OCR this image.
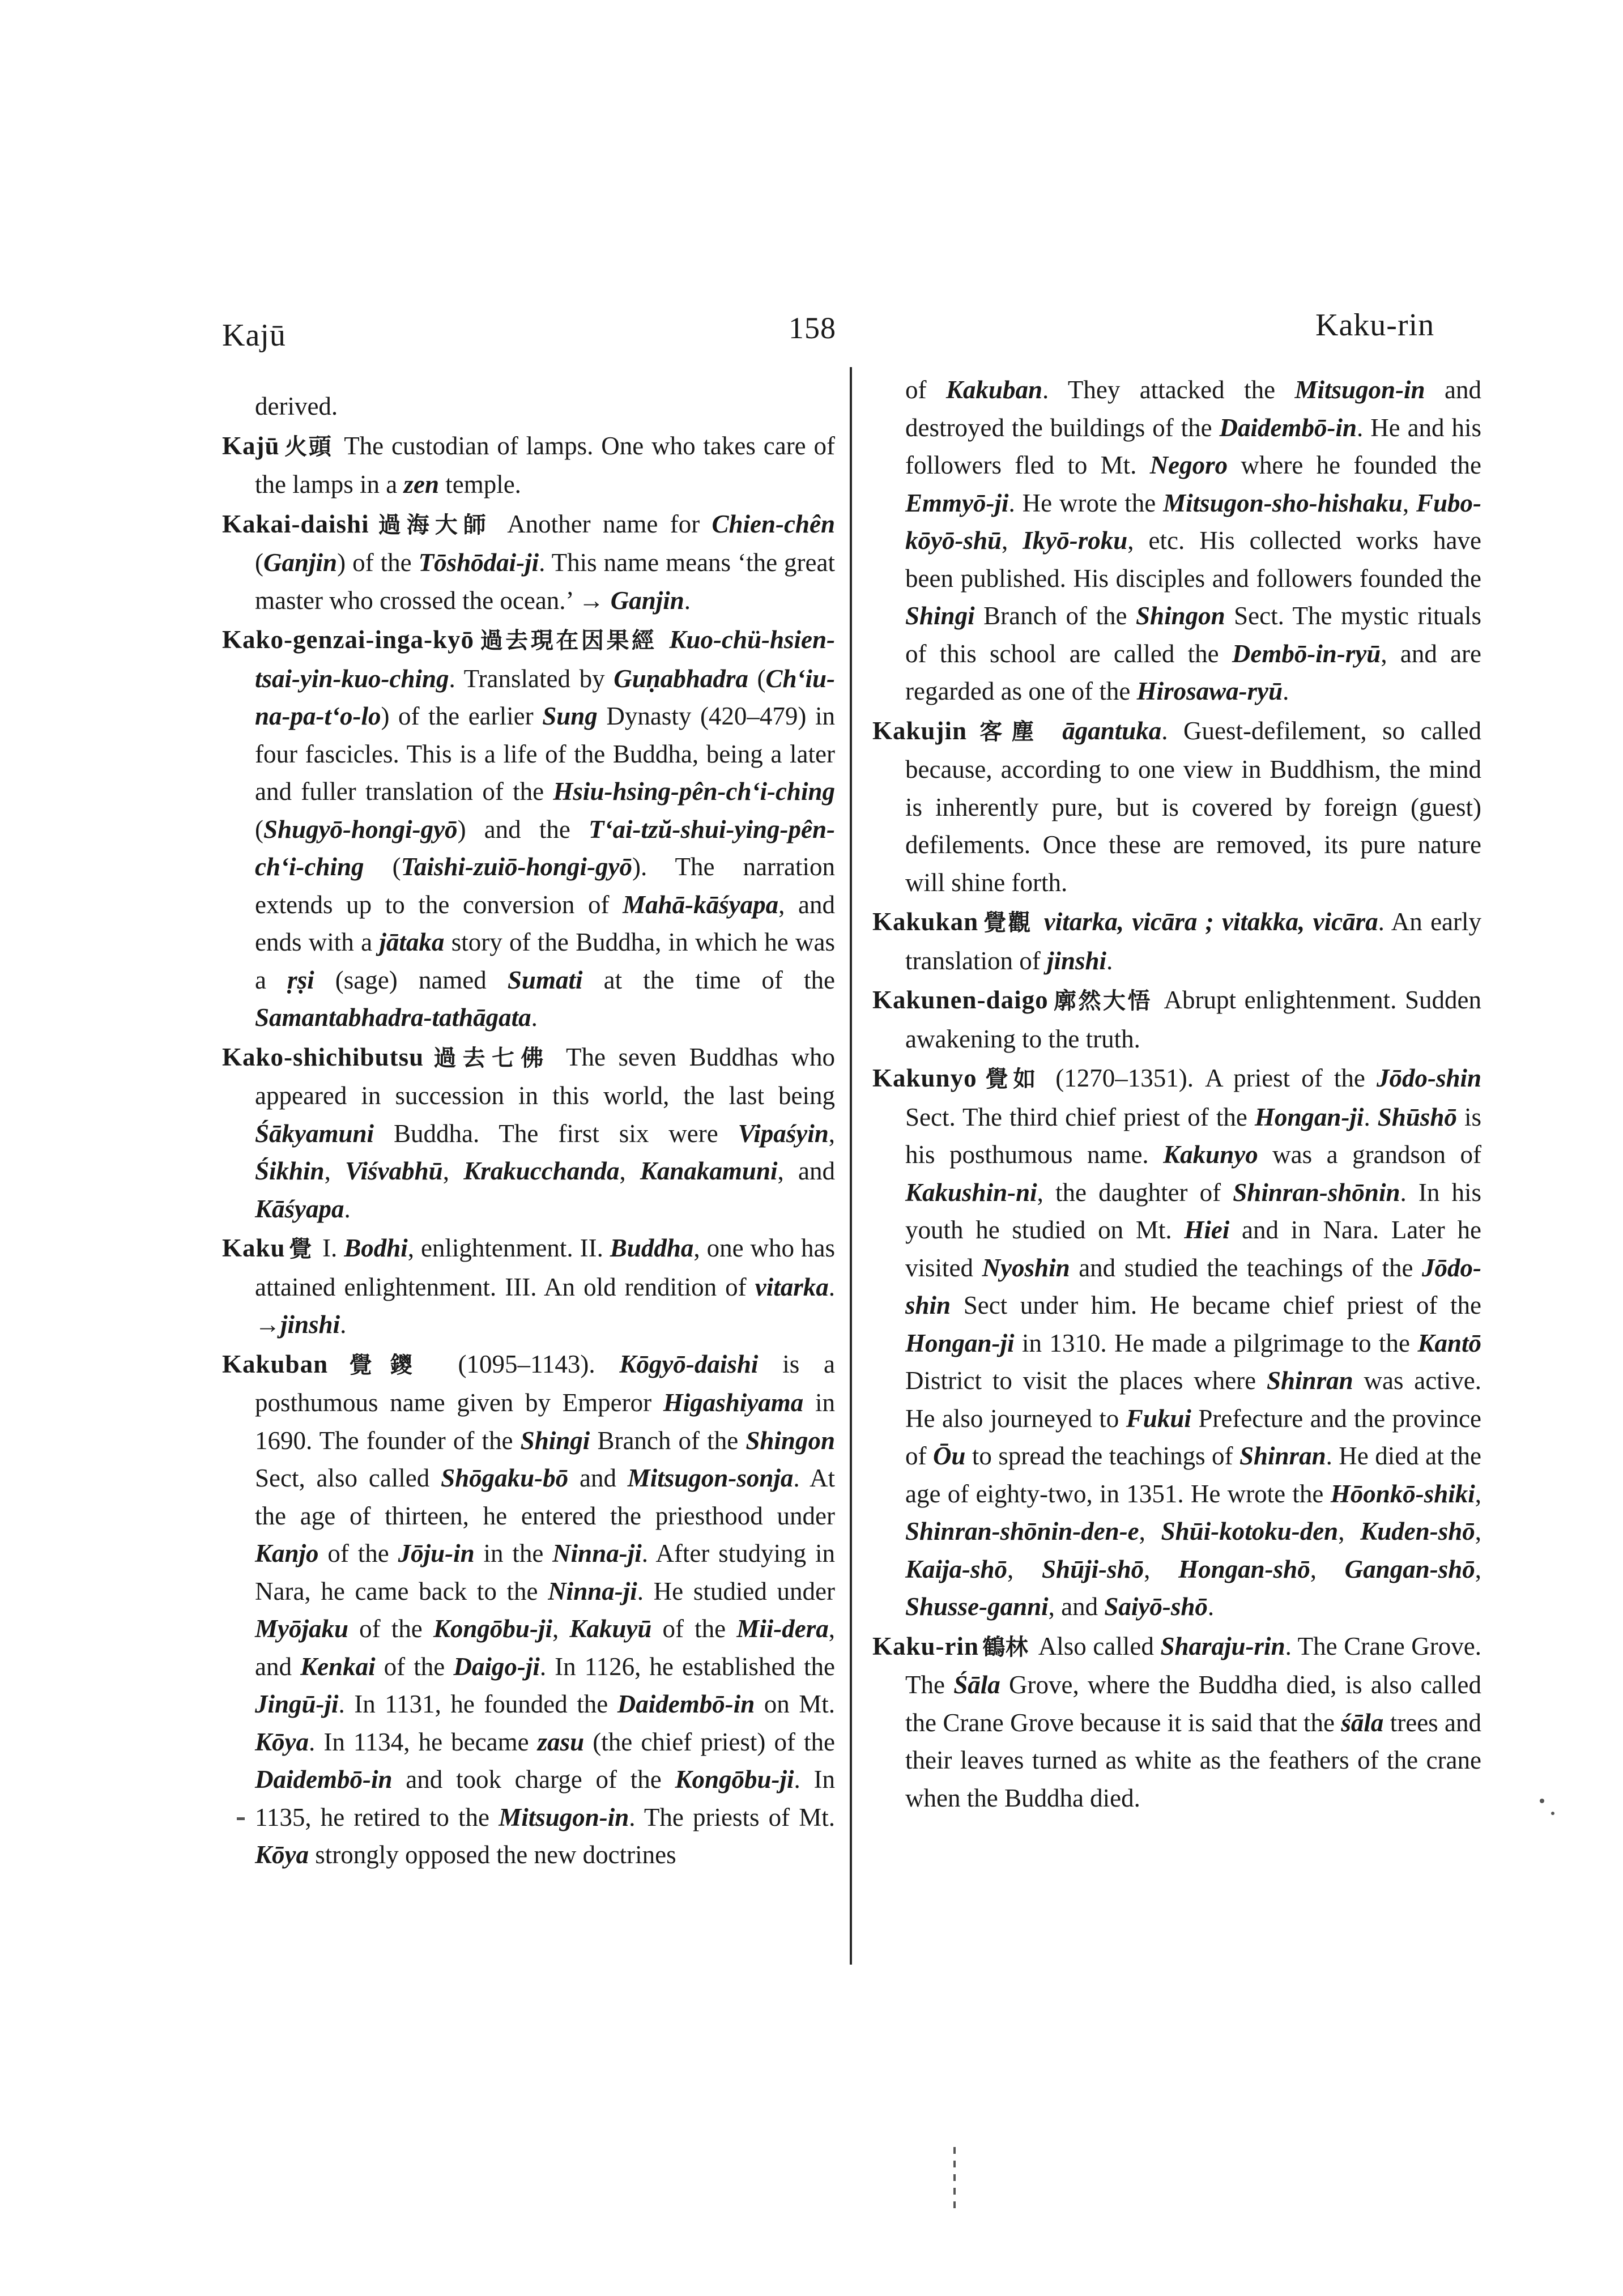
Kajū	158	Kaku-rin

derived.

Kajū 火頭 The custodian of lamps. One who takes care of the lamps in a zen temple.

Kakai-daishi 過海大師 Another name for Chien-chên (Ganjin) of the Tōshōdai-ji. This name means ‘the great master who crossed the ocean.’ → Ganjin.

Kako-genzai-inga-kyō 過去現在因果經 Kuo-chü-hsien-tsai-yin-kuo-ching. Translated by Guṇabhadra (Ch‘iu-na-pa-t‘o-lo) of the earlier Sung Dynasty (420–479) in four fascicles. This is a life of the Buddha, being a later and fuller translation of the Hsiu-hsing-pên-ch‘i-ching (Shugyō-hongi-gyō) and the T‘ai-tzŭ-shui-ying-pên-ch‘i-ching (Taishi-zuiō-hongi-gyō). The narration extends up to the conversion of Mahā-kāśyapa, and ends with a jātaka story of the Buddha, in which he was a ṛṣi (sage) named Sumati at the time of the Samantabhadra-tathāgata.

Kako-shichibutsu 過去七佛 The seven Buddhas who appeared in succession in this world, the last being Śākyamuni Buddha. The first six were Vipaśyin, Śikhin, Viśvabhū, Krakucchanda, Kanakamuni, and Kāśyapa.

Kaku 覺 I. Bodhi, enlightenment. II. Buddha, one who has attained enlightenment. III. An old rendition of vitarka. →jinshi.

Kakuban 覺鑁 (1095–1143). Kōgyō-daishi is a posthumous name given by Emperor Higashiyama in 1690. The founder of the Shingi Branch of the Shingon Sect, also called Shōgaku-bō and Mitsugon-sonja. At the age of thirteen, he entered the priesthood under Kanjo of the Jōju-in in the Ninna-ji. After studying in Nara, he came back to the Ninna-ji. He studied under Myōjaku of the Kongōbu-ji, Kakuyū of the Mii-dera, and Kenkai of the Daigo-ji. In 1126, he established the Jingū-ji. In 1131, he founded the Daidembō-in on Mt. Kōya. In 1134, he became zasu (the chief priest) of the Daidembō-in and took charge of the Kongōbu-ji. In 1135, he retired to the Mitsugon-in. The priests of Mt. Kōya strongly opposed the new doctrines

of Kakuban. They attacked the Mitsugon-in and destroyed the buildings of the Daidembō-in. He and his followers fled to Mt. Negoro where he founded the Emmyō-ji. He wrote the Mitsugon-sho-hishaku, Fubo-kōyō-shū, Ikyō-roku, etc. His collected works have been published. His disciples and followers founded the Shingi Branch of the Shingon Sect. The mystic rituals of this school are called the Dembō-in-ryū, and are regarded as one of the Hirosawa-ryū.

Kakujin 客塵 āgantuka. Guest-defilement, so called because, according to one view in Buddhism, the mind is inherently pure, but is covered by foreign (guest) defilements. Once these are removed, its pure nature will shine forth.

Kakukan 覺觀 vitarka, vicāra ; vitakka, vicāra. An early translation of jinshi.

Kakunen-daigo 廓然大悟 Abrupt enlightenment. Sudden awakening to the truth.

Kakunyo 覺如 (1270–1351). A priest of the Jōdo-shin Sect. The third chief priest of the Hongan-ji. Shūshō is his posthumous name. Kakunyo was a grandson of Kakushin-ni, the daughter of Shinran-shōnin. In his youth he studied on Mt. Hiei and in Nara. Later he visited Nyoshin and studied the teachings of the Jōdo-shin Sect under him. He became chief priest of the Hongan-ji in 1310. He made a pilgrimage to the Kantō District to visit the places where Shinran was active. He also journeyed to Fukui Prefecture and the province of Ōu to spread the teachings of Shinran. He died at the age of eighty-two, in 1351. He wrote the Hōonkō-shiki, Shinran-shōnin-den-e, Shūi-kotoku-den, Kuden-shō, Kaija-shō, Shūji-shō, Hongan-shō, Gangan-shō, Shusse-ganni, and Saiyō-shō.

Kaku-rin 鶴林 Also called Sharaju-rin. The Crane Grove. The Śāla Grove, where the Buddha died, is also called the Crane Grove because it is said that the śāla trees and their leaves turned as white as the feathers of the crane when the Buddha died.
